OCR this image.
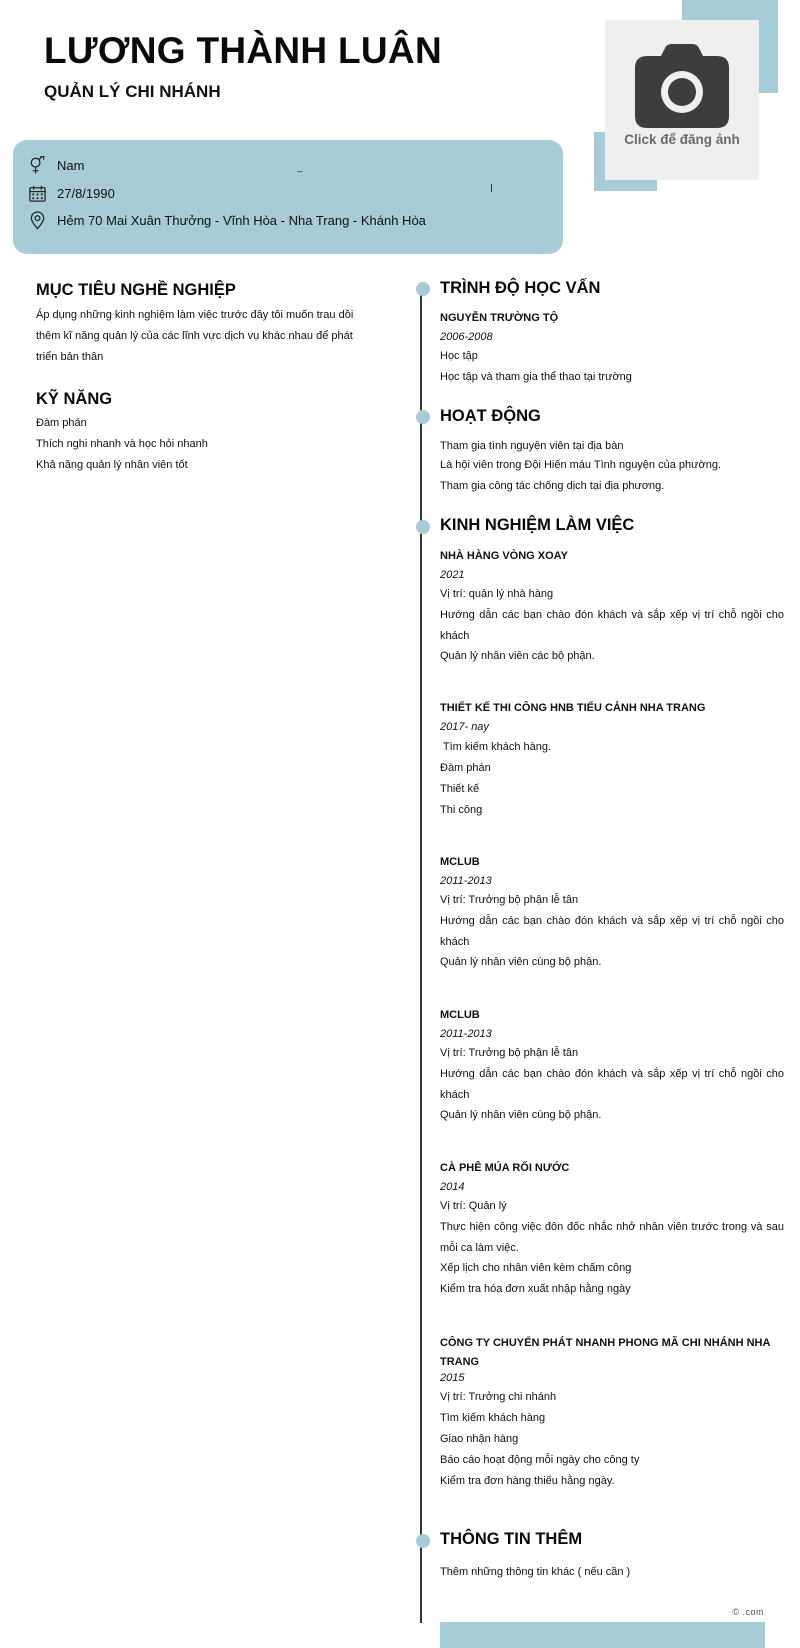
LƯƠNG THÀNH LUÂN
QUẢN LÝ CHI NHÁNH
Click để đăng ảnh
Nam
27/8/1990
Hẻm 70 Mai Xuân Thưởng - Vĩnh Hòa - Nha Trang - Khánh Hòa
_
MỤC TIÊU NGHỀ NGHIỆP
Áp dụng những kinh nghiệm làm việc trước đây tôi muốn trau dồi
thêm kĩ năng quản lý của các lĩnh vực dịch vụ khác nhau để phát
triển bản thân
KỸ NĂNG
Đàm phán
Thích nghi nhanh và học hỏi nhanh
Khả năng quản lý nhân viên tốt
TRÌNH ĐỘ HỌC VẤN
NGUYỄN TRƯỜNG TỘ
2006-2008
Học tập
Học tập và tham gia thể thao tại trường
HOẠT ĐỘNG
Tham gia tình nguyện viên tại địa bàn
Là hội viên trong Đội Hiến máu Tình nguyện của phường.
Tham gia công tác chống dịch tại địa phương.
KINH NGHIỆM LÀM VIỆC
NHÀ HÀNG VÒNG XOAY
2021
Vị trí: quản lý nhà hàng
Hướng dẫn các bạn chào đón khách và sắp xếp vị trí chỗ ngồi cho khách
Quản lý nhân viên các bộ phận.
THIẾT KẾ THI CÔNG HNB TIỂU CẢNH NHA TRANG
2017- nay
Tìm kiếm khách hàng.
Đàm phán
Thiết kế
Thi công
MCLUB
2011-2013
Vị trí: Trưởng bộ phận lễ tân
Hướng dẫn các bạn chào đón khách và sắp xếp vị trí chỗ ngồi cho khách
Quản lý nhân viên cùng bộ phận.
MCLUB
2011-2013
Vị trí: Trưởng bộ phận lễ tân
Hướng dẫn các bạn chào đón khách và sắp xếp vị trí chỗ ngồi cho khách
Quản lý nhân viên cùng bộ phận.
CÀ PHÊ MÚA RỐI NƯỚC
2014
Vị trí: Quản lý
Thực hiện công việc đôn đốc nhắc nhở nhân viên trước trong và sau mỗi ca làm việc.
Xếp lịch cho nhân viên kèm chấm công
Kiểm tra hóa đơn xuất nhập hằng ngày
CÔNG TY CHUYỂN PHÁT NHANH PHONG MÃ CHI NHÁNH NHA TRANG
2015
Vị trí: Trưởng chi nhánh
Tìm kiếm khách hàng
Giao nhận hàng
Báo cáo hoạt động mỗi ngày cho công ty
Kiểm tra đơn hàng thiếu hằng ngày.
THÔNG TIN THÊM
Thêm những thông tin khác ( nếu cần )
© .com
